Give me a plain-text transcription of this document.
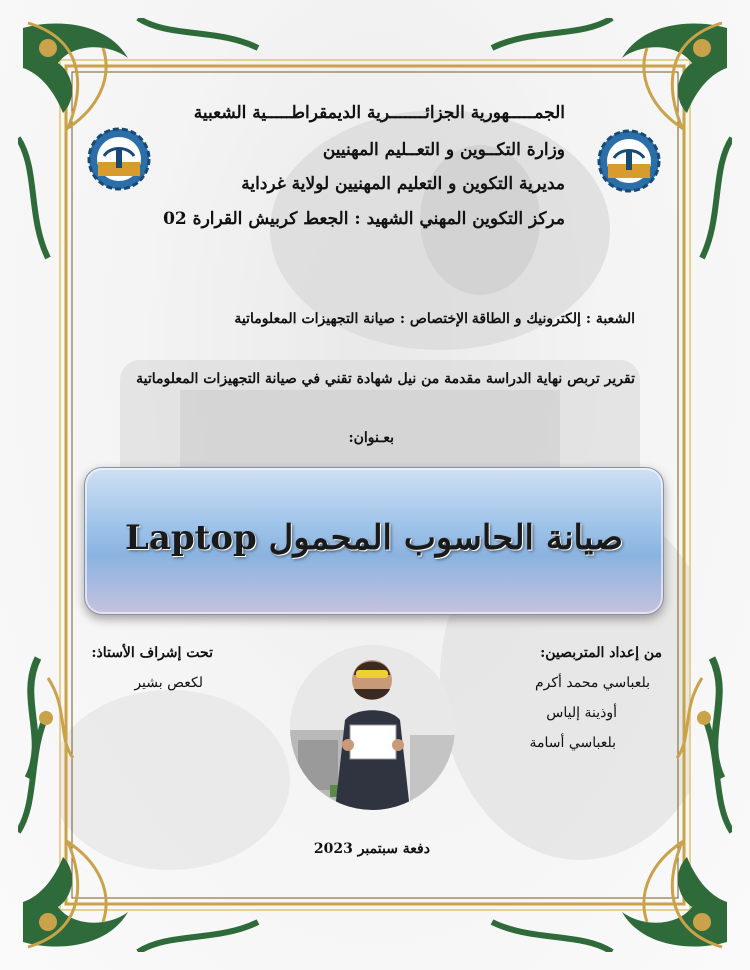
الجمـــــهورية الجزائـــــــرية الديمقراطـــــية الشعبية
وزارة التكــوين و التعــليم المهنيين
مديرية التكوين و التعليم المهنيين لولاية غرداية
مركز التكوين المهني الشهيد : الجعط كربيش القرارة 02
الشعبة : إلكترونيك و الطاقة
الإختصاص : صيانة التجهيزات المعلوماتية
تقرير تربص نهاية الدراسة مقدمة من نيل شهادة تقني في صيانة التجهيزات المعلوماتية
بعـنوان:
صيانة الحاسوب المحمول Laptop
من إعداد المتربصين:
بلعباسي محمد أكرم
أوذينة إلياس
بلعباسي أسامة
تحت إشراف الأستاذ:
لكعص بشير
دفعة سبتمبر 2023
